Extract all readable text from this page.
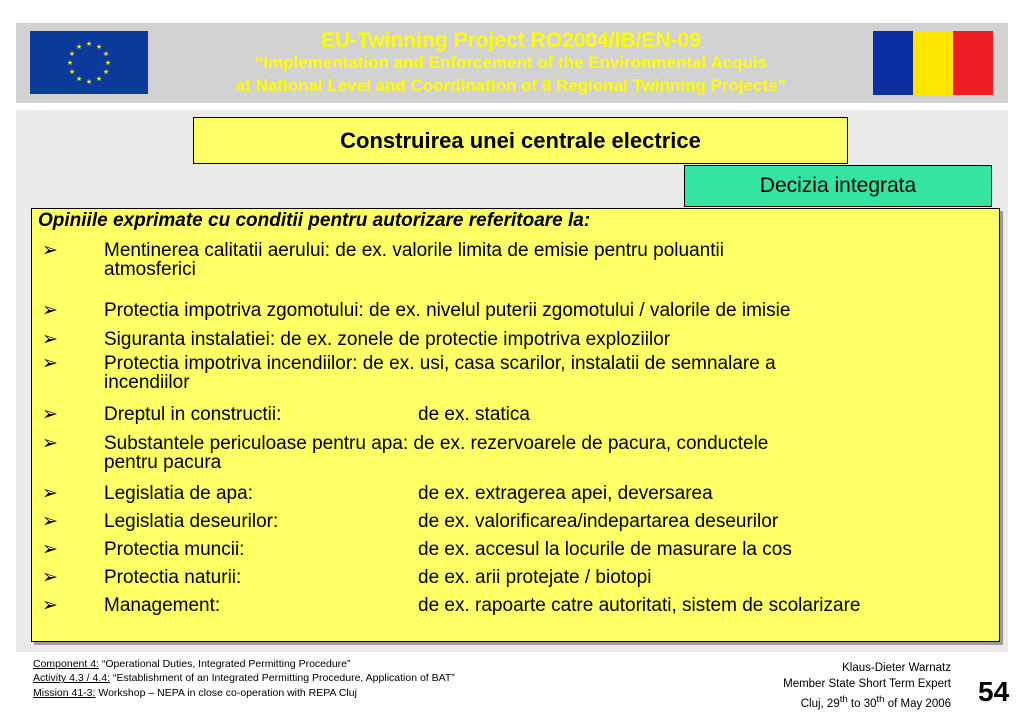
★ ★
★
★
★
★
★
★
★
★
★
★	EU-Twinning Project RO2004/IB/EN-09
“Implementation and Enforcement of the Environmental Acquis
at National Level and Coordination of 8 Regional Twinning Projects”
Construirea unei centrale electrice
Decizia integrata
Opiniile exprimate cu conditii pentru autorizare referitoare la:
➢ Mentinerea calitatii aerului: de ex. valorile limita de emisie pentru poluantii
atmosferici
➢ Protectia impotriva zgomotului: de ex. nivelul puterii zgomotului / valorile de imisie
➢ Siguranta instalatiei: de ex. zonele de protectie impotriva exploziilor
➢ Protectia impotriva incendiilor: de ex. usi, casa scarilor, instalatii de semnalare a
incendiilor
➢ Dreptul in constructii:	de ex. statica
➢ Substantele periculoase pentru apa: de ex. rezervoarele de pacura, conductele
pentru pacura
➢ Legislatia de apa:	de ex. extragerea apei, deversarea
➢ Legislatia deseurilor:	de ex. valorificarea/indepartarea deseurilor
➢ Protectia muncii:	de ex. accesul la locurile de masurare la cos
➢ Protectia naturii:	de ex. arii protejate / biotopi
➢ Management:	de ex. rapoarte catre autoritati, sistem de scolarizare
Component 4: “Operational Duties, Integrated Permitting Procedure”
Activity 4.3 / 4.4: “Establishment of an Integrated Permitting Procedure, Application of BAT”
Mission 41-3: Workshop – NEPA in close co-operation with REPA Cluj
Klaus-Dieter Warnatz
Member State Short Term Expert
Cluj, 29th to 30th of May 2006 54
